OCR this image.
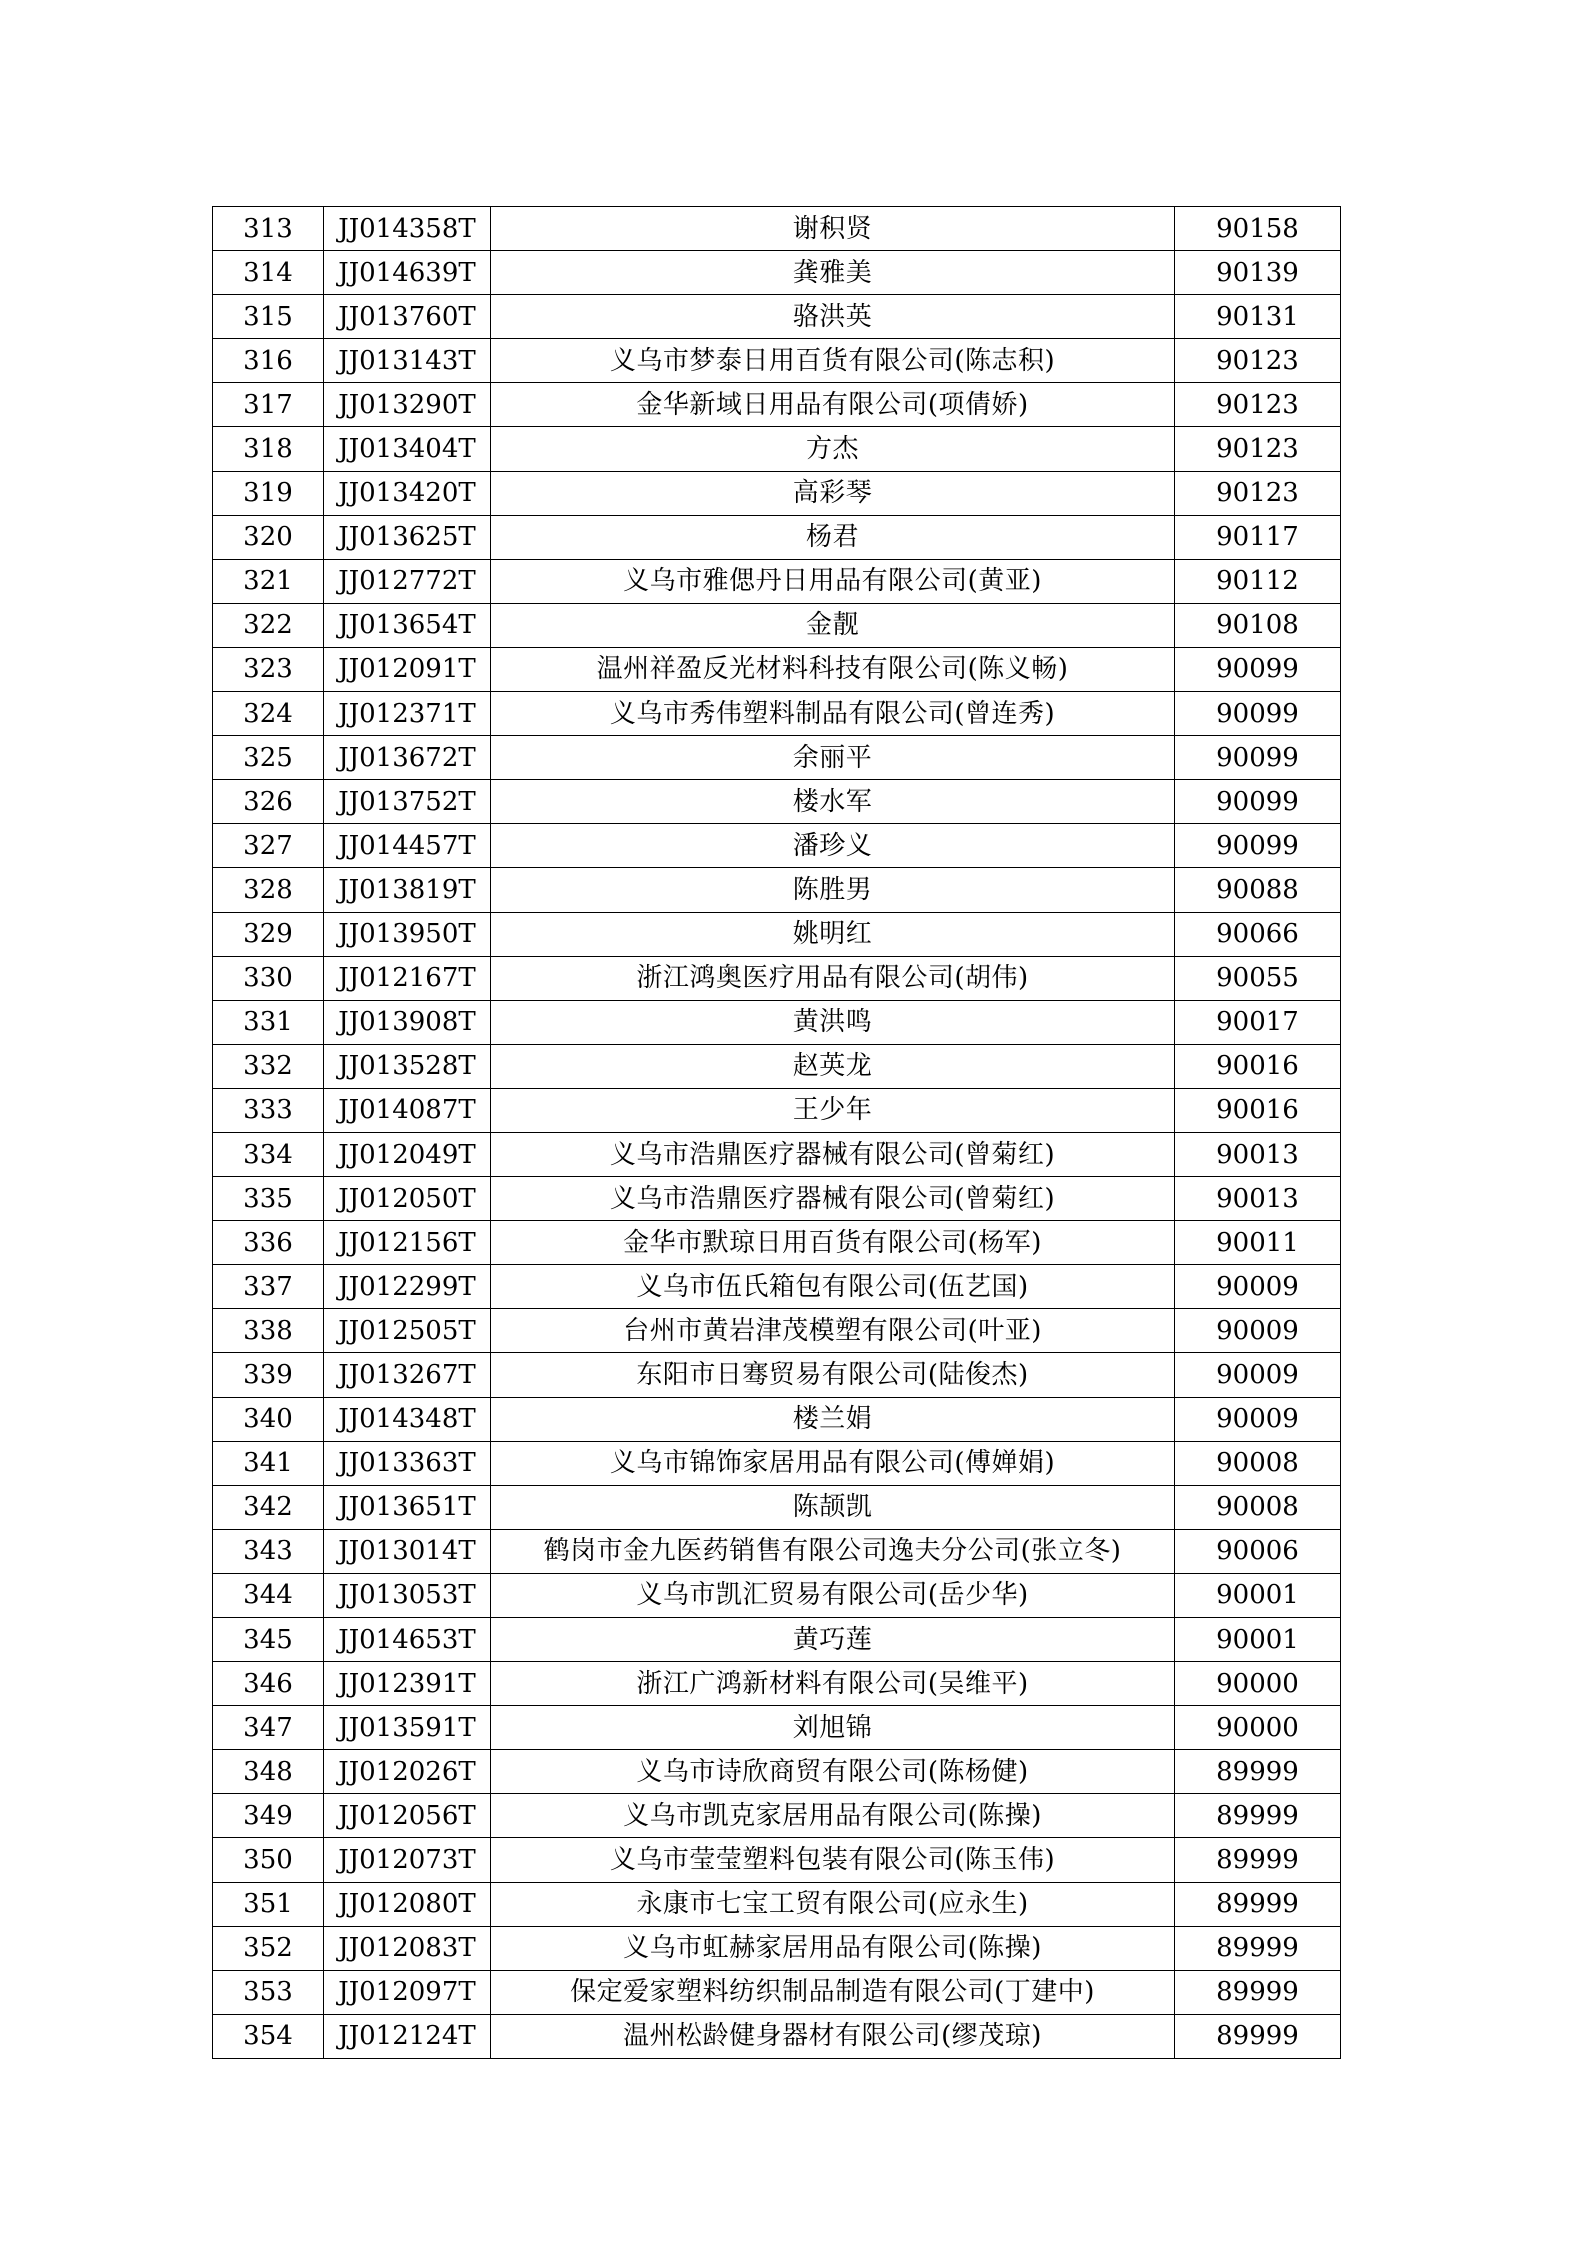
313	JJ014358T	谢积贤	90158
314	JJ014639T	龚雅美	90139
315	JJ013760T	骆洪英	90131
316	JJ013143T	义乌市梦泰日用百货有限公司(陈志积)	90123
317	JJ013290T	金华新域日用品有限公司(项倩娇)	90123
318	JJ013404T	方杰	90123
319	JJ013420T	高彩琴	90123
320	JJ013625T	杨君	90117
321	JJ012772T	义乌市雅偲丹日用品有限公司(黄亚)	90112
322	JJ013654T	金靓	90108
323	JJ012091T	温州祥盈反光材料科技有限公司(陈义畅)	90099
324	JJ012371T	义乌市秀伟塑料制品有限公司(曾连秀)	90099
325	JJ013672T	余丽平	90099
326	JJ013752T	楼水军	90099
327	JJ014457T	潘珍义	90099
328	JJ013819T	陈胜男	90088
329	JJ013950T	姚明红	90066
330	JJ012167T	浙江鸿奥医疗用品有限公司(胡伟)	90055
331	JJ013908T	黄洪鸣	90017
332	JJ013528T	赵英龙	90016
333	JJ014087T	王少年	90016
334	JJ012049T	义乌市浩鼎医疗器械有限公司(曾菊红)	90013
335	JJ012050T	义乌市浩鼎医疗器械有限公司(曾菊红)	90013
336	JJ012156T	金华市默琼日用百货有限公司(杨军)	90011
337	JJ012299T	义乌市伍氏箱包有限公司(伍艺国)	90009
338	JJ012505T	台州市黄岩津茂模塑有限公司(叶亚)	90009
339	JJ013267T	东阳市日骞贸易有限公司(陆俊杰)	90009
340	JJ014348T	楼兰娟	90009
341	JJ013363T	义乌市锦饰家居用品有限公司(傅婵娟)	90008
342	JJ013651T	陈颉凯	90008
343	JJ013014T	鹤岗市金九医药销售有限公司逸夫分公司(张立冬)	90006
344	JJ013053T	义乌市凯汇贸易有限公司(岳少华)	90001
345	JJ014653T	黄巧莲	90001
346	JJ012391T	浙江广鸿新材料有限公司(吴维平)	90000
347	JJ013591T	刘旭锦	90000
348	JJ012026T	义乌市诗欣商贸有限公司(陈杨健)	89999
349	JJ012056T	义乌市凯克家居用品有限公司(陈操)	89999
350	JJ012073T	义乌市莹莹塑料包装有限公司(陈玉伟)	89999
351	JJ012080T	永康市七宝工贸有限公司(应永生)	89999
352	JJ012083T	义乌市虹赫家居用品有限公司(陈操)	89999
353	JJ012097T	保定爱家塑料纺织制品制造有限公司(丁建中)	89999
354	JJ012124T	温州松龄健身器材有限公司(缪茂琼)	89999
